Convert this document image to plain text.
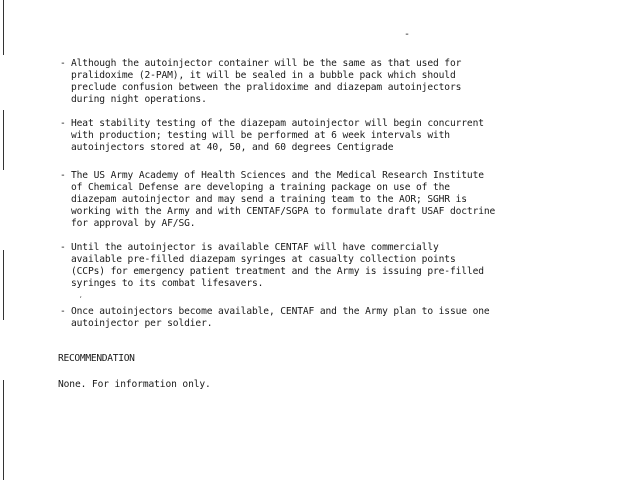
-
- Although the autoinjector container will be the same as that used for
pralidoxime (2-PAM), it will be sealed in a bubble pack which should
preclude confusion between the pralidoxime and diazepam autoinjectors
during night operations.
- Heat stability testing of the diazepam autoinjector will begin concurrent
with production; testing will be performed at 6 week intervals with
autoinjectors stored at 40, 50, and 60 degrees Centigrade
- The US Army Academy of Health Sciences and the Medical Research Institute
of Chemical Defense are developing a training package on use of the
diazepam autoinjector and may send a training team to the AOR; SGHR is
working with the Army and with CENTAF/SGPA to formulate draft USAF doctrine
for approval by AF/SG.
- Until the autoinjector is available CENTAF will have commercially
available pre-filled diazepam syringes at casualty collection points
(CCPs) for emergency patient treatment and the Army is issuing pre-filled
syringes to its combat lifesavers.
,
- Once autoinjectors become available, CENTAF and the Army plan to issue one
autoinjector per soldier.
RECOMMENDATION
None. For information only.
